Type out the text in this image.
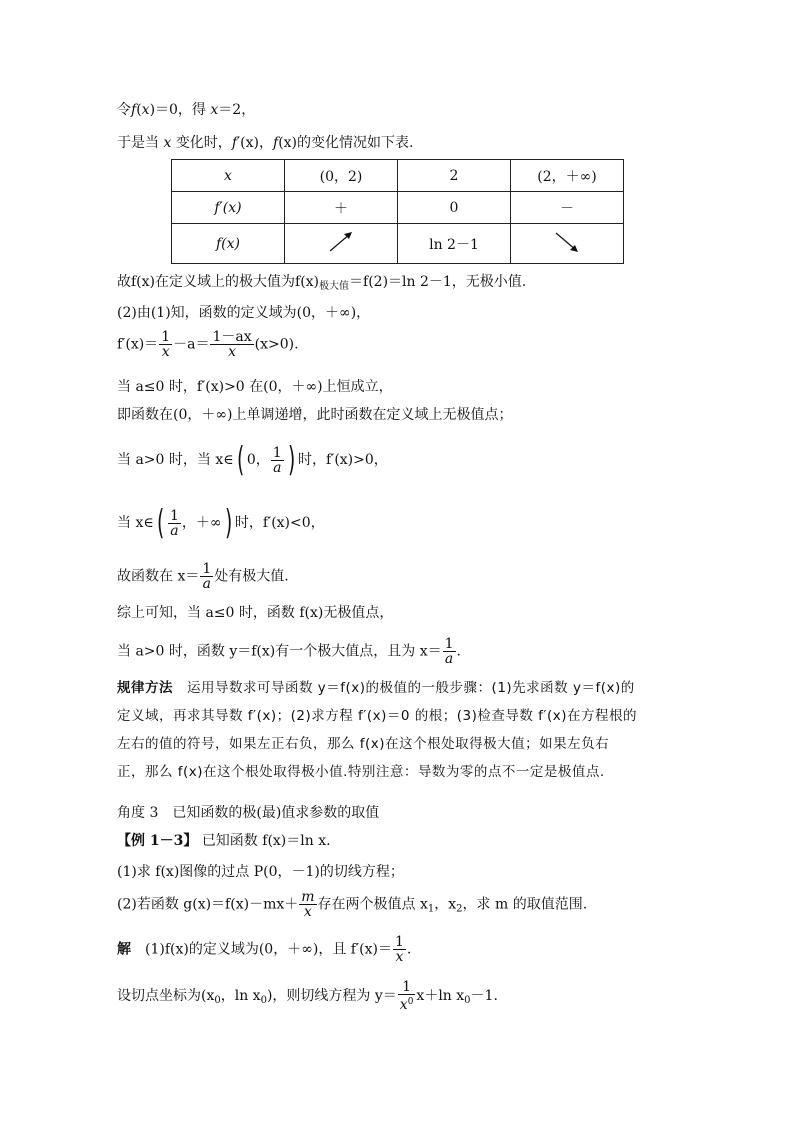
令f(x)＝0，得 x＝2，
于是当 x 变化时，f′(x)，f(x)的变化情况如下表.
x	(0，2)	2	(2，＋∞)
f′(x)	＋	0	－
f(x)		ln 2－1	
故f(x)在定义域上的极大值为$f(x)_{极大值}=f(2)=\ln$ 2－1，无极小值.
(2)由(1)知，函数的定义域为(0，＋∞)，
$f'(x)= \frac{1}{x} -a= \frac{1-ax}{x} (x>0)$.
当 a≤0 时，f′(x)>0 在(0，＋∞)上恒成立，
即函数在(0，＋∞)上单调递增，此时函数在定义域上无极值点；
当 a>0 时，当 x∈( 0， $\frac{1}{a}$ ) 时，f′(x)>0，
当 x∈( $\frac{1}{a}$ ，＋∞) 时，f′(x)<0，
故函数在 $x= \frac{1}{a}$ 处有极大值.
综上可知，当 a≤0 时，函数 f(x)无极值点，
当 a>0 时，函数 y＝f(x)有一个极大值点，且为 $x= \frac{1}{a}$ .
规律方法　 运用导数求可导函数 y＝f(x)的极值的一般步骤：(1)先求函数 y＝f(x)的
定义域，再求其导数 f′(x)；(2)求方程 f′(x)＝0 的根；(3)检查导数 f′(x)在方程根的
左右的值的符号，如果左正右负，那么 f(x)在这个根处取得极大值；如果左负右
正，那么 f(x)在这个根处取得极小值.特别注意：导数为零的点不一定是极值点.
角度 3　已知函数的极(最)值求参数的取值
【例 1－3】 已知函数 f(x)＝ln x.
(1)求 f(x)图像的过点 P(0，－1)的切线方程；
(2)若函数 $g(x)=f(x)-mx+ \frac{m}{x}$ 存在两个极值点 $x_1$，$x_2$，求 m 的取值范围.
解　 (1)f(x)的定义域为(0，＋∞)，且 $f'(x)= \frac{1}{x}$ .
设切点坐标为($x_0$，$\ln x_0$)，则切线方程为 $y= \frac{1}{x^0} x+\ln$ $x_0-1$.
